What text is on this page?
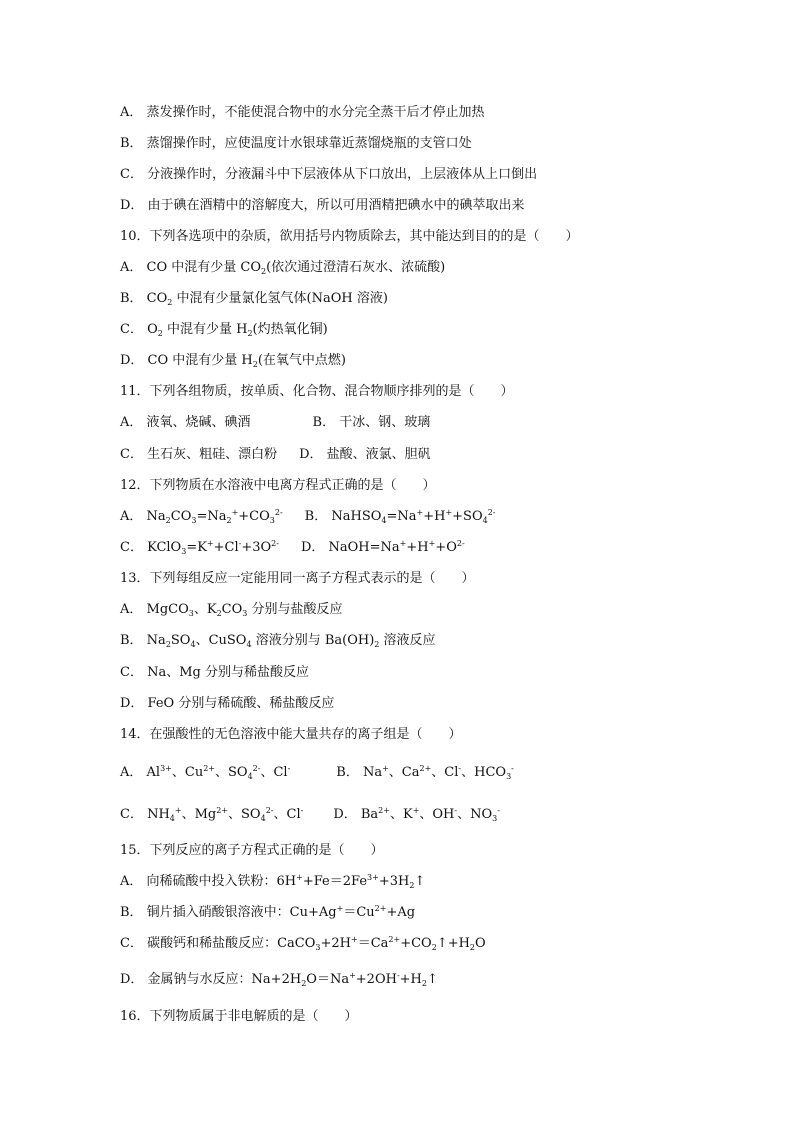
A． 蒸发操作时，不能使混合物中的水分完全蒸干后才停止加热
B． 蒸馏操作时，应使温度计水银球靠近蒸馏烧瓶的支管口处
C． 分液操作时，分液漏斗中下层液体从下口放出，上层液体从上口倒出
D． 由于碘在酒精中的溶解度大，所以可用酒精把碘水中的碘萃取出来
10．下列各选项中的杂质，欲用括号内物质除去，其中能达到目的的是（　　）
A． CO 中混有少量 $CO_2$(依次通过澄清石灰水、浓硫酸)
B． $CO_2$ 中混有少量氯化氢气体(NaOH 溶液)
C． $O_2$ 中混有少量 $H_2$(灼热氧化铜)
D． CO 中混有少量 $H_2$(在氧气中点燃)
11．下列各组物质，按单质、化合物、混合物顺序排列的是（　　）
A． 液氧、烧碱、碘酒	B． 干冰、钢、玻璃
C． 生石灰、粗硅、漂白粉 D． 盐酸、液氯、胆矾
12．下列物质在水溶液中电离方程式正确的是（　　）
A． $Na_2CO_3=Na_2^++CO_3^{2-}$ B． $NaHSO_4=Na^++H^++SO_4^{2-}$
C． $KClO_3=K^++Cl^-+3O^{2-}$ D． $NaOH=Na^++H^++O^{2-}$
13．下列每组反应一定能用同一离子方程式表示的是（　　）
A． MgCO$_3$、$K_2CO_3$ 分别与盐酸反应
B． $Na_2SO_4$、CuSO$_4$ 溶液分别与 $Ba(OH)_2$ 溶液反应
C． Na、Mg 分别与稀盐酸反应
D． FeO 分别与稀硫酸、稀盐酸反应
14．在强酸性的无色溶液中能大量共存的离子组是（　　）
A． $Al^{3+}$、$Cu^{2+}$、$SO_4^{2-}$、Cl-	B． Na+、$Ca^{2+}$、Cl-、$HCO_3^-$
C． $NH_4^+$、$Mg^{2+}$、$SO_4^{2-}$、Cl- D． $Ba^{2+}$、K+、OH-、$NO_3^-$
15．下列反应的离子方程式正确的是（　　）
A． 向稀硫酸中投入铁粉：$6H^++Fe=2Fe^{3+}+3H_2↑$
B． 铜片插入硝酸银溶液中：$Cu+Ag^+=Cu^{2+}+Ag$
C． 碳酸钙和稀盐酸反应：$CaCO_3+2H^+=Ca^{2+}+CO_2↑+H_2O$
D． 金属钠与水反应：$Na+2H_2O=Na^++2OH^-+H_2↑$
16．下列物质属于非电解质的是（　　）
